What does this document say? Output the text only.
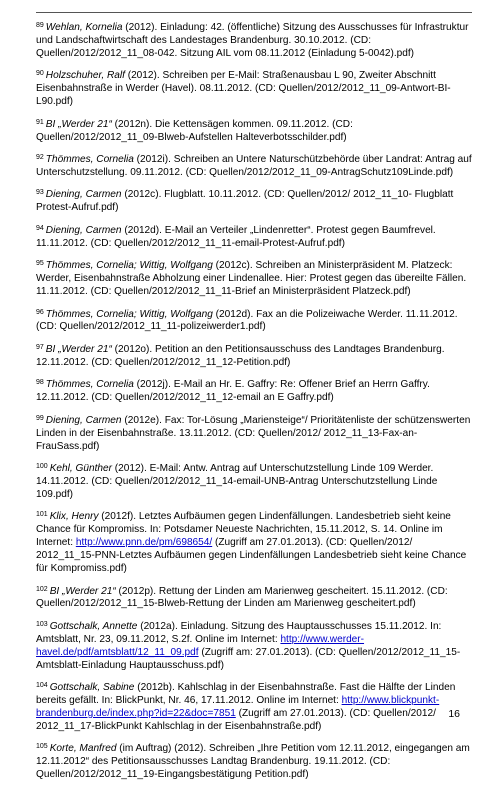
$^{89}$ Wehlan, Kornelia (2012). Einladung: 42. (öffentliche) Sitzung des Ausschusses für Infrastruktur und Landschaftwirtschaft des Landestages Brandenburg. 30.10.2012. (CD: Quellen/2012/2012_11_08-042. Sitzung AIL vom 08.11.2012 (Einladung 5-0042).pdf)

$^{90}$ Holzschuher, Ralf (2012). Schreiben per E-Mail: Straßenausbau L 90, Zweiter Abschnitt Eisenbahnstraße in Werder (Havel). 08.11.2012. (CD: Quellen/2012/2012_11_09-Antwort-BI-L90.pdf)

$^{91}$ BI „Werder 21“ (2012n). Die Kettensägen kommen. 09.11.2012. (CD: Quellen/2012/2012_11_09-Blweb-Aufstellen Halteverbotsschilder.pdf)

$^{92}$ Thömmes, Cornelia (2012i). Schreiben an Untere Naturschützbehörde über Landrat: Antrag auf Unterschutzstellung. 09.11.2012. (CD: Quellen/2012/2012_11_09-AntragSchutz109Linde.pdf)

$^{93}$ Diening, Carmen (2012c). Flugblatt. 10.11.2012. (CD: Quellen/2012/ 2012_11_10- Flugblatt Protest-Aufruf.pdf)

$^{94}$ Diening, Carmen (2012d). E-Mail an Verteiler „Lindenretter“. Protest gegen Baumfrevel. 11.11.2012. (CD: Quellen/2012/2012_11_11-email-Protest-Aufruf.pdf)

$^{95}$ Thömmes, Cornelia; Wittig, Wolfgang (2012c). Schreiben an Ministerpräsident M. Platzeck: Werder, Eisenbahnstraße Abholzung einer Lindenallee. Hier: Protest gegen das übereilte Fällen. 11.11.2012. (CD: Quellen/2012/2012_11_11-Brief an Ministerpräsident Platzeck.pdf)

$^{96}$ Thömmes, Cornelia; Wittig, Wolfgang (2012d). Fax an die Polizeiwache Werder. 11.11.2012. (CD: Quellen/2012/2012_11_11-polizeiwerder1.pdf)

$^{97}$ BI „Werder 21“ (2012o). Petition an den Petitionsausschuss des Landtages Brandenburg. 12.11.2012. (CD: Quellen/2012/2012_11_12-Petition.pdf)

$^{98}$ Thömmes, Cornelia (2012j). E-Mail an Hr. E. Gaffry: Re: Offener Brief an Herrn Gaffry. 12.11.2012. (CD: Quellen/2012/2012_11_12-email an E Gaffry.pdf)

$^{99}$ Diening, Carmen (2012e). Fax: Tor-Lösung „Mariensteige“/ Prioritätenliste der schützenswerten Linden in der Eisenbahnstraße. 13.11.2012. (CD: Quellen/2012/ 2012_11_13-Fax-an-FrauSass.pdf)

$^{100}$ Kehl, Günther (2012). E-Mail: Antw. Antrag auf Unterschutzstellung Linde 109 Werder. 14.11.2012. (CD: Quellen/2012/2012_11_14-email-UNB-Antrag Unterschutzstellung Linde 109.pdf)

$^{101}$ Klix, Henry (2012f). Letztes Aufbäumen gegen Lindenfällungen. Landesbetrieb sieht keine Chance für Kompromiss. In: Potsdamer Neueste Nachrichten, 15.11.2012, S. 14. Online im Internet: http://www.pnn.de/pm/698654/ (Zugriff am 27.01.2013). (CD: Quellen/2012/ 2012_11_15-PNN-Letztes Aufbäumen gegen Lindenfällungen Landesbetrieb sieht keine Chance für Kompromiss.pdf)

$^{102}$ BI „Werder 21“ (2012p). Rettung der Linden am Marienweg gescheitert. 15.11.2012. (CD: Quellen/2012/2012_11_15-Blweb-Rettung der Linden am Marienweg gescheitert.pdf)

$^{103}$ Gottschalk, Annette (2012a). Einladung. Sitzung des Hauptausschusses 15.11.2012. In: Amtsblatt, Nr. 23, 09.11.2012, S.2f. Online im Internet: http://www.werder-havel.de/pdf/amtsblatt/12_11_09.pdf (Zugriff am: 27.01.2013). (CD: Quellen/2012/2012_11_15-Amtsblatt-Einladung Hauptausschuss.pdf)

$^{104}$ Gottschalk, Sabine (2012b). Kahlschlag in der Eisenbahnstraße. Fast die Hälfte der Linden bereits gefällt. In: BlickPunkt, Nr. 46, 17.11.2012. Online im Internet: http://www.blickpunkt-brandenburg.de/index.php?id=22&doc=7851 (Zugriff am 27.01.2013). (CD: Quellen/2012/ 2012_11_17-BlickPunkt Kahlschlag in der Eisenbahnstraße.pdf)

$^{105}$ Korte, Manfred (im Auftrag) (2012). Schreiben „Ihre Petition vom 12.11.2012, eingegangen am 12.11.2012“ des Petitionsausschusses Landtag Brandenburg. 19.11.2012. (CD: Quellen/2012/2012_11_19-Eingangsbestätigung Petition.pdf)

16
